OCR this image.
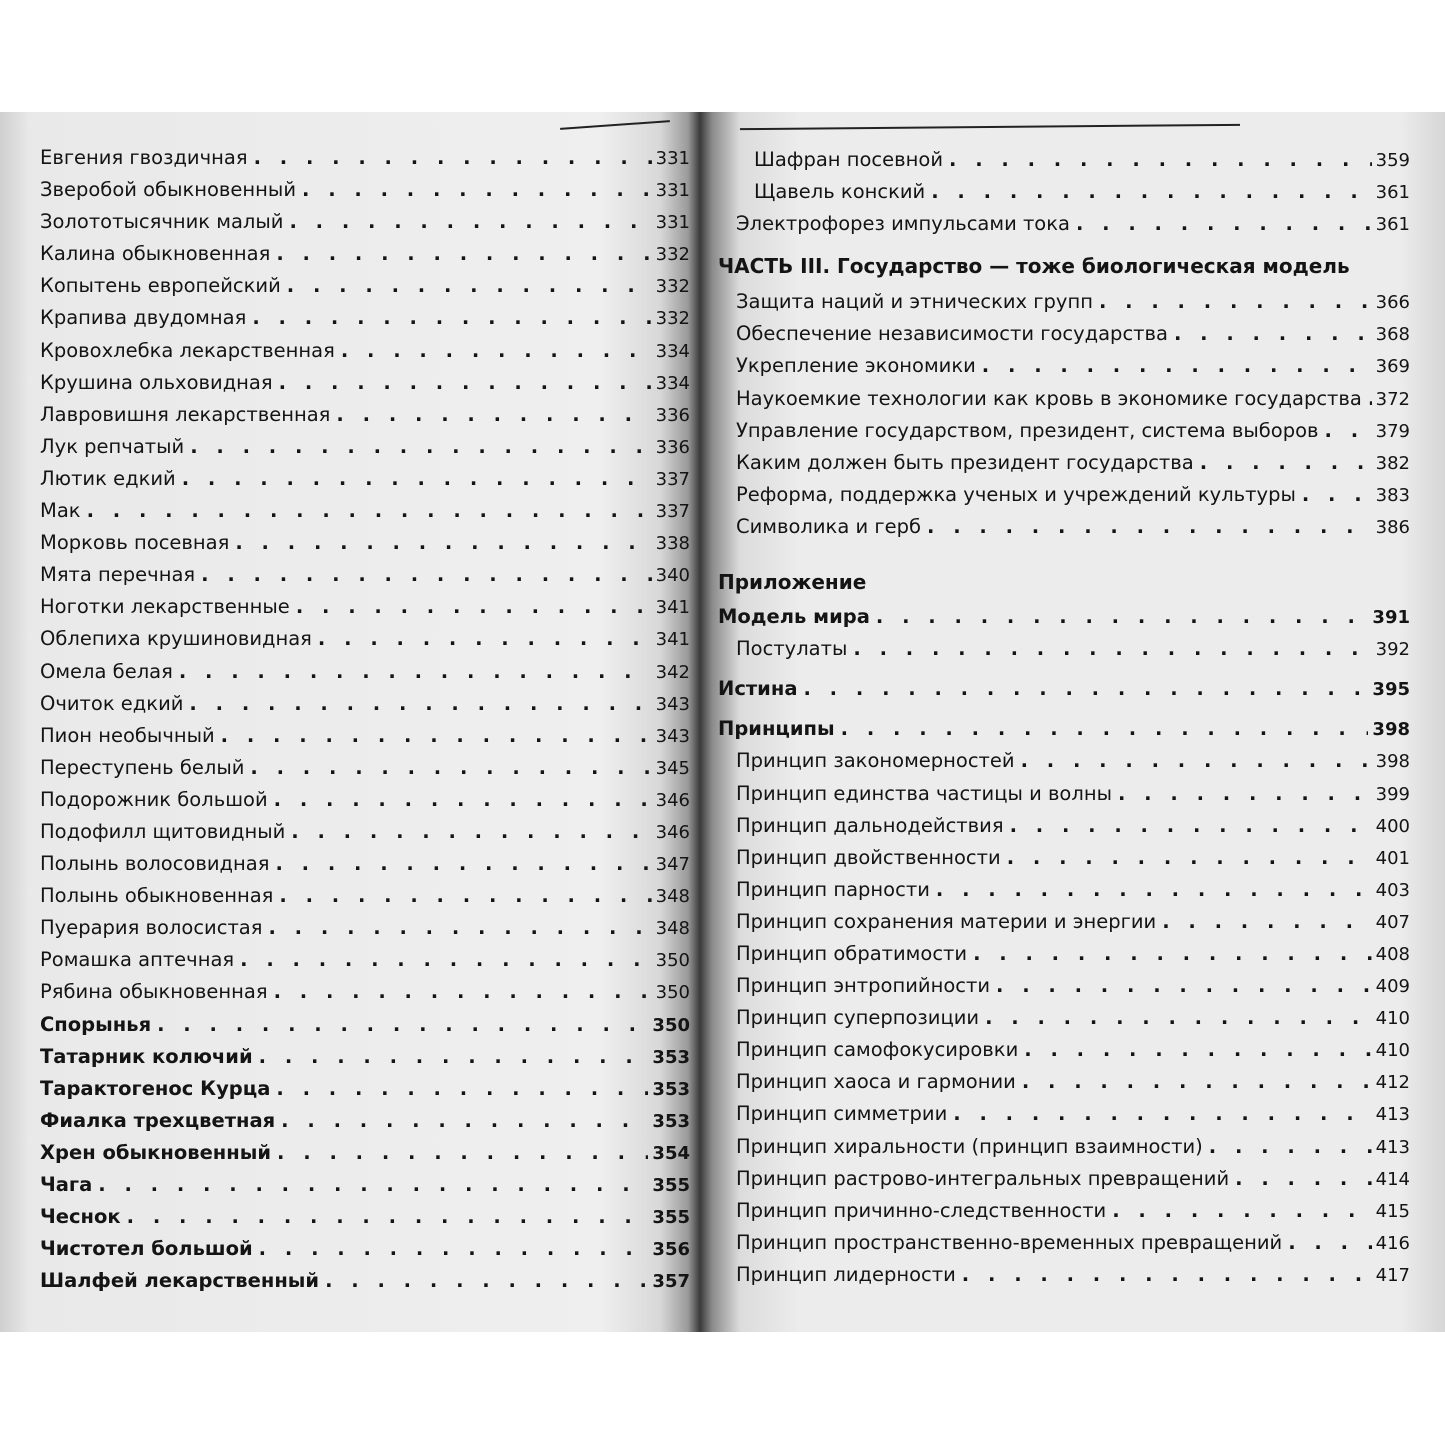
Евгения гвоздичная . . .	331
Зверобой обыкновенный . . .	331
Золототысячник малый . . .	331
Калина обыкновенная . . .	332
Копытень европейский . . .	332
Крапива двудомная . . .	332
Кровохлебка лекарственная . . .	334
Крушина ольховидная . . .	334
Лавровишня лекарственная . . .	336
Лук репчатый . . .	336
Лютик едкий . . .	337
Мак . . .	337
Морковь посевная . . .	338
Мята перечная . . .	340
Ноготки лекарственные . . .	341
Облепиха крушиновидная . . .	341
Омела белая . . .	342
Очиток едкий . . .	343
Пион необычный . . .	343
Переступень белый . . .	345
Подорожник большой . . .	346
Подофилл щитовидный . . .	346
Полынь волосовидная . . .	347
Полынь обыкновенная . . .	348
Пуерария волосистая . . .	348
Ромашка аптечная . . .	350
Рябина обыкновенная . . .	350
Спорынья . . .	350
Татарник колючий . . .	353
Тарактогенос Курца . . .	353
Фиалка трехцветная . . .	353
Хрен обыкновенный . . .	354
Чага . . .	355
Чеснок . . .	355
Чистотел большой . . .	356
Шалфей лекарственный . . .	357
Шафран посевной . . .	359
Щавель конский . . .	361
Электрофорез импульсами тока . . .	361
ЧАСТЬ III. Государство — тоже биологическая модель
Защита наций и этнических групп . . .	366
Обеспечение независимости государства . . .	368
Укрепление экономики . . .	369
Наукоемкие технологии как кровь в экономике государства . . . 372
Управление государством, президент, система выборов . . .	379
Каким должен быть президент государства . . .	382
Реформа, поддержка ученых и учреждений культуры . . .	383
Символика и герб . . .	386
Приложение
Модель мира . . .	391
Постулаты . . .	392
Истина . . .	395
Принципы . . .	398
Принцип закономерностей . . .	398
Принцип единства частицы и волны . . .	399
Принцип дальнодействия . . .	400
Принцип двойственности . . .	401
Принцип парности . . .	403
Принцип сохранения материи и энергии . . .	407
Принцип обратимости . . .	408
Принцип энтропийности . . .	409
Принцип суперпозиции . . .	410
Принцип самофокусировки . . .	410
Принцип хаоса и гармонии . . .	412
Принцип симметрии . . .	413
Принцип хиральности (принцип взаимности) . . .	413
Принцип растрово-интегральных превращений . . .	414
Принцип причинно-следственности . . .	415
Принцип пространственно-временных превращений . . .	416
Принцип лидерности . . .	417
